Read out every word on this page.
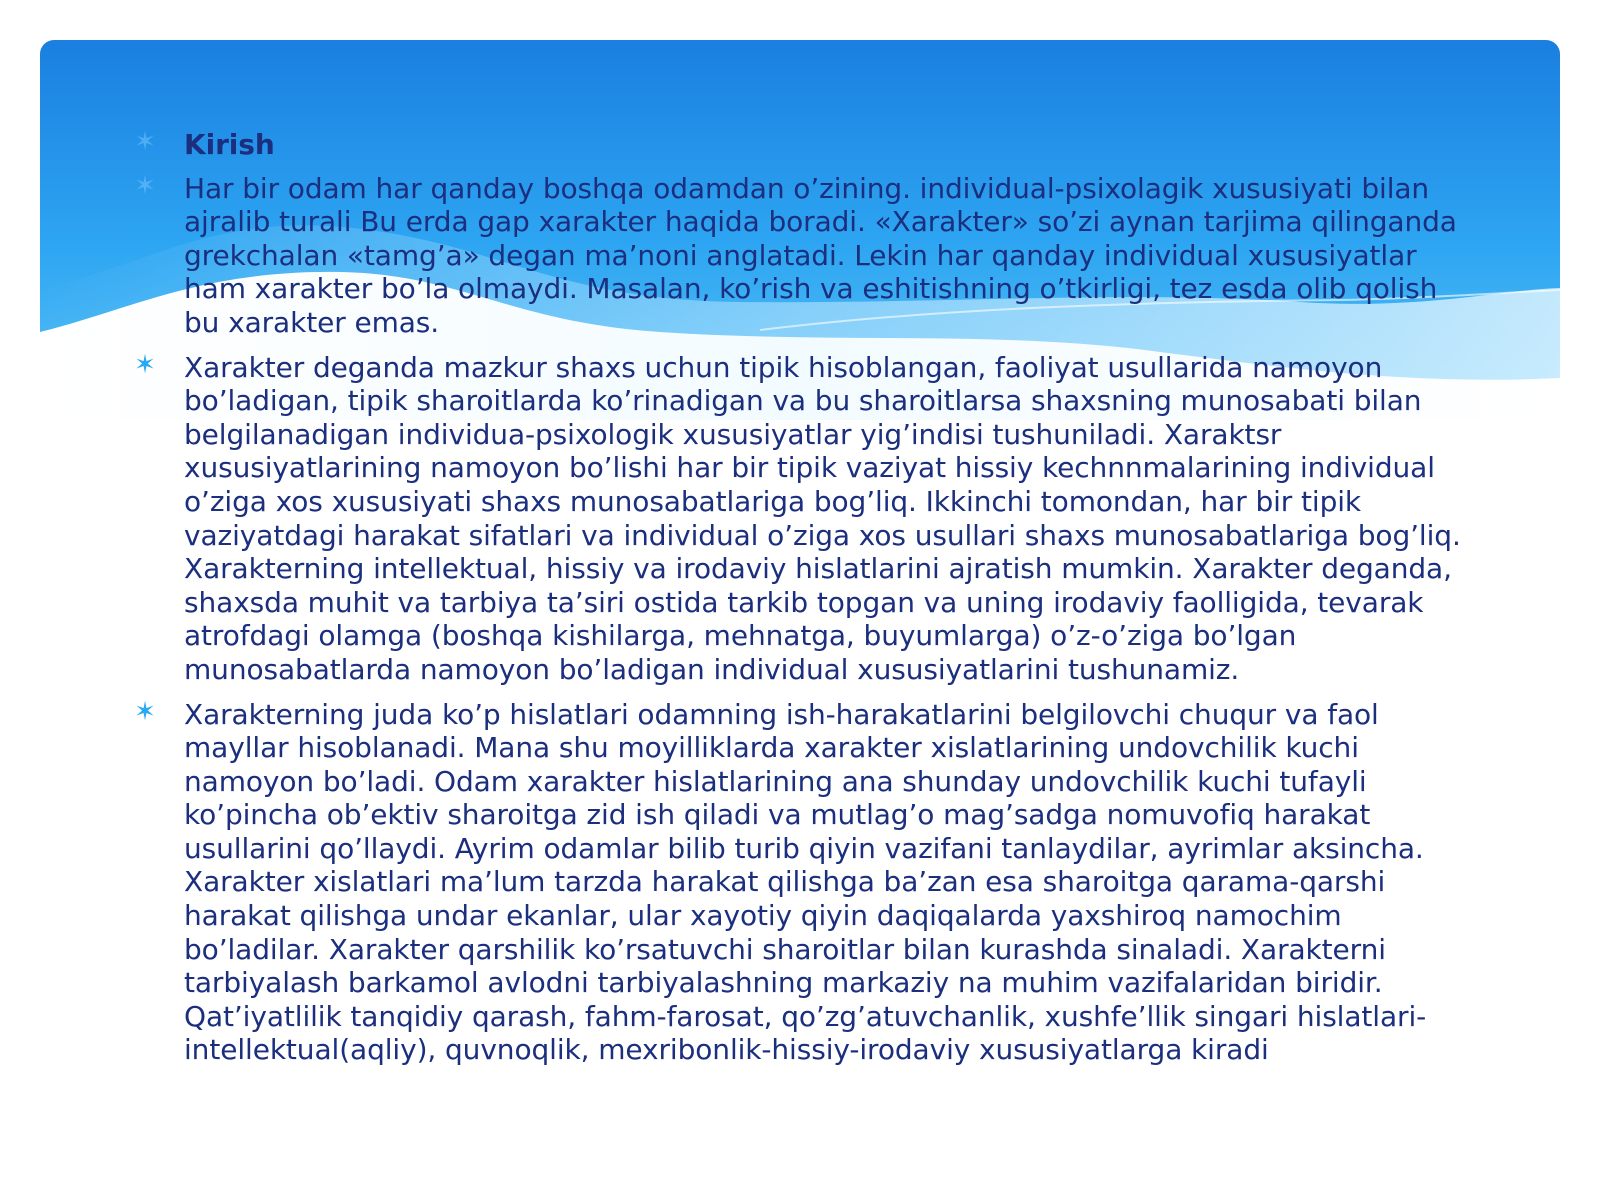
✶ Kirish
✶ Har bir odam har qanday boshqa odamdan o’zining. individual-psixolagik xususiyati bilan ajralib turali Bu erda gap xarakter haqida boradi. «Xarakter» so’zi aynan tarjima qilinganda grekchalan «tamg’a» degan ma’noni anglatadi. Lekin har qanday individual xususiyatlar ham xarakter bo’la olmaydi. Masalan, ko’rish va eshitishning o’tkirligi, tez esda olib qolish bu xarakter emas.
✶ Xarakter deganda mazkur shaxs uchun tipik hisoblangan, faoliyat usullarida namoyon bo’ladigan, tipik sharoitlarda ko’rinadigan va bu sharoitlarsa shaxsning munosabati bilan belgilanadigan individua-psixologik xususiyatlar yig’indisi tushuniladi. Xaraktsr xususiyatlarining namoyon bo’lishi har bir tipik vaziyat hissiy kechnnmalarining individual o’ziga xos xususiyati shaxs munosabatlariga bog’liq. Ikkinchi tomondan, har bir tipik vaziyatdagi harakat sifatlari va individual o’ziga xos usullari shaxs munosabatlariga bog’liq. Xarakterning intellektual, hissiy va irodaviy hislatlarini ajratish mumkin. Xarakter deganda, shaxsda muhit va tarbiya ta’siri ostida tarkib topgan va uning irodaviy faolligida, tevarak atrofdagi olamga (boshqa kishilarga, mehnatga, buyumlarga) o’z-o’ziga bo’lgan munosabatlarda namoyon bo’ladigan individual xususiyatlarini tushunamiz.
✶ Xarakterning juda ko’p hislatlari odamning ish-harakatlarini belgilovchi chuqur va faol mayllar hisoblanadi. Mana shu moyilliklarda xarakter xislatlarining undovchilik kuchi namoyon bo’ladi. Odam xarakter hislatlarining ana shunday undovchilik kuchi tufayli ko’pincha ob’ektiv sharoitga zid ish qiladi va mutlag’o mag’sadga nomuvofiq harakat usullarini qo’llaydi. Ayrim odamlar bilib turib qiyin vazifani tanlaydilar, ayrimlar aksincha. Xarakter xislatlari ma’lum tarzda harakat qilishga ba’zan esa sharoitga qarama-qarshi harakat qilishga undar ekanlar, ular xayotiy qiyin daqiqalarda yaxshiroq namochim bo’ladilar. Xarakter qarshilik ko’rsatuvchi sharoitlar bilan kurashda sinaladi. Xarakterni tarbiyalash barkamol avlodni tarbiyalashning markaziy na muhim vazifalaridan biridir. Qat’iyatlilik tanqidiy qarash, fahm-farosat, qo’zg’atuvchanlik, xushfe’llik singari hislatlari-intellektual(aqliy), quvnoqlik, mexribonlik-hissiy-irodaviy xususiyatlarga kiradi
